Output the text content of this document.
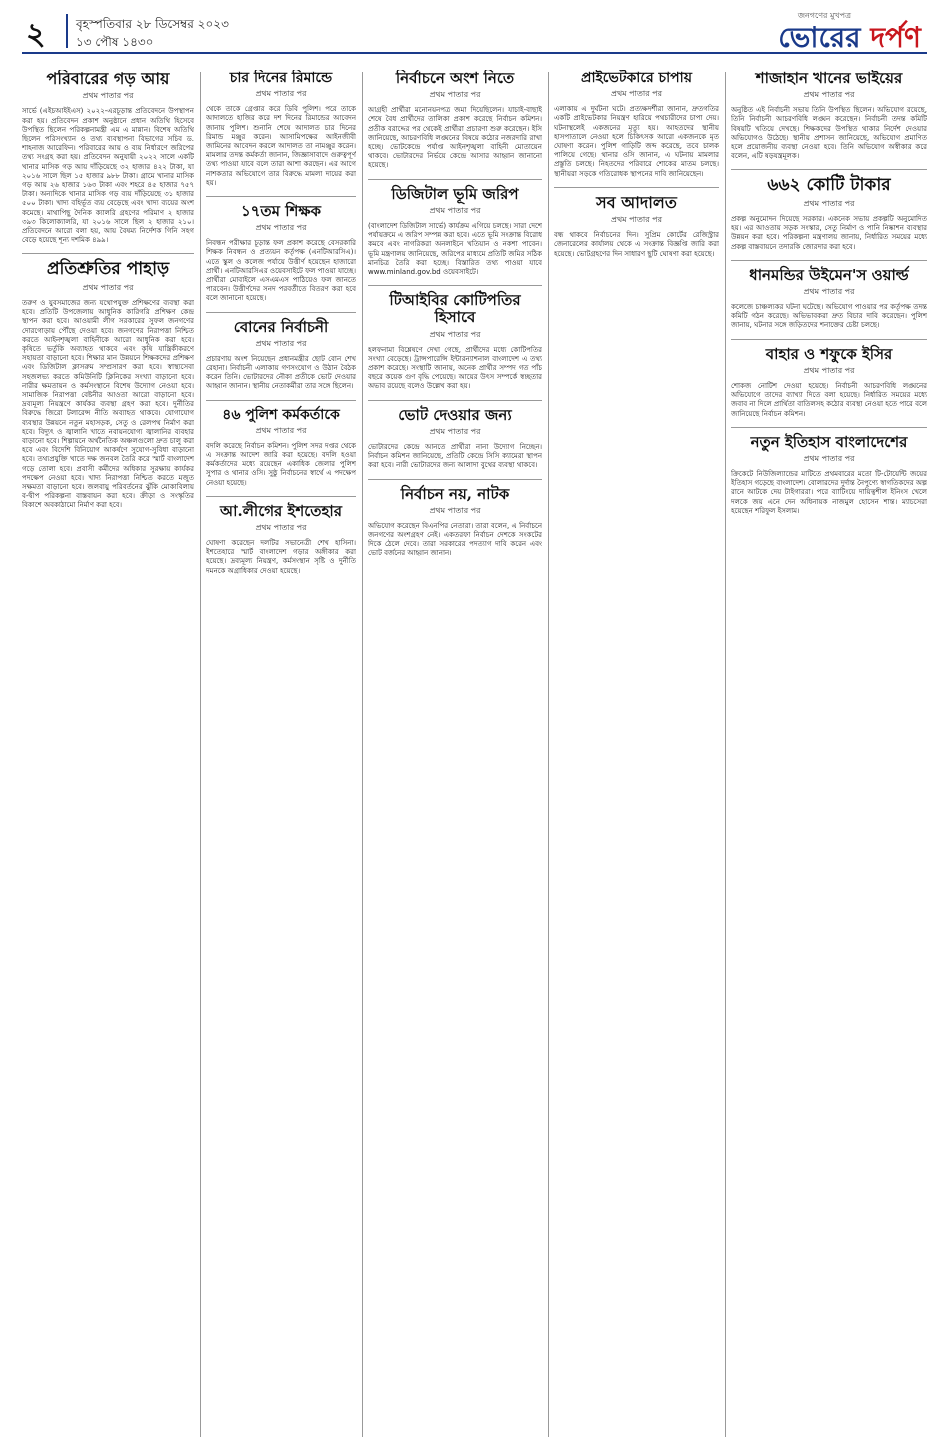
২	বৃহস্পতিবার ২৮ ডিসেম্বর ২০২৩
১৩ পৌষ ১৪৩০
জনগণের মুখপত্র
ভোরের দর্পণ
পরিবারের গড় আয়
প্রথম পাতার পর

সার্ভে (এইচআইইএস) ২০২২-এরচূড়ান্ত প্রতিবেদনে উপস্থাপন করা হয়। প্রতিবেদন প্রকাশ অনুষ্ঠানে প্রধান অতিথি হিসেবে উপস্থিত ছিলেন পরিকল্পনামন্ত্রী এম এ মান্নান। বিশেষ অতিথি ছিলেন পরিসংখ্যান ও তথ্য ব্যবস্থাপনা বিভাগের সচিব ড. শাহনাজ আরেফিন। পরিবারের আয় ও ব্যয় নির্ধারণে জরিপের তথ্য সংগ্রহ করা হয়। প্রতিবেদন অনুযায়ী ২০২২ সালে একটি খানার মাসিক গড় আয় দাঁড়িয়েছে ৩২ হাজার ৪২২ টাকা, যা ২০১৬ সালে ছিল ১৫ হাজার ৯৮৮ টাকা। গ্রামে খানার মাসিক গড় আয় ২৬ হাজার ১৬৩ টাকা এবং শহরে ৪৫ হাজার ৭৫৭ টাকা। অন্যদিকে খানার মাসিক গড় ব্যয় দাঁড়িয়েছে ৩১ হাজার ৫০০ টাকা। খাদ্য বহির্ভূত ব্যয় বেড়েছে এবং খাদ্য ব্যয়ের অংশ কমেছে। মাথাপিছু দৈনিক ক্যালরি গ্রহণের পরিমাণ ২ হাজার ৩৯৩ কিলোক্যালরি, যা ২০১৬ সালে ছিল ২ হাজার ২১০। প্রতিবেদনে আরো বলা হয়, আয় বৈষম্য নির্দেশক গিনি সহগ বেড়ে হয়েছে শূন্য দশমিক ৪৯৯।

প্রতিশ্রুতির পাহাড়
প্রথম পাতার পর

তরুণ ও যুবসমাজের জন্য যথোপযুক্ত প্রশিক্ষণের ব্যবস্থা করা হবে। প্রতিটি উপজেলায় আধুনিক কারিগরি প্রশিক্ষণ কেন্দ্র স্থাপন করা হবে। আওয়ামী লীগ সরকারের সুফল জনগণের দোরগোড়ায় পৌঁছে দেওয়া হবে। জনগণের নিরাপত্তা নিশ্চিত করতে আইনশৃঙ্খলা বাহিনীকে আরো আধুনিক করা হবে। কৃষিতে ভর্তুকি অব্যাহত থাকবে এবং কৃষি যান্ত্রিকীকরণে সহায়তা বাড়ানো হবে। শিক্ষার মান উন্নয়নে শিক্ষকদের প্রশিক্ষণ এবং ডিজিটাল ক্লাসরুম সম্প্রসারণ করা হবে। স্বাস্থ্যসেবা সহজলভ্য করতে কমিউনিটি ক্লিনিকের সংখ্যা বাড়ানো হবে। নারীর ক্ষমতায়ন ও কর্মসংস্থানে বিশেষ উদ্যোগ নেওয়া হবে। সামাজিক নিরাপত্তা বেষ্টনীর আওতা আরো বাড়ানো হবে। দ্রব্যমূল্য নিয়ন্ত্রণে কার্যকর ব্যবস্থা গ্রহণ করা হবে। দুর্নীতির বিরুদ্ধে জিরো টলারেন্স নীতি অব্যাহত থাকবে। যোগাযোগ ব্যবস্থার উন্নয়নে নতুন মহাসড়ক, সেতু ও রেলপথ নির্মাণ করা হবে। বিদ্যুৎ ও জ্বালানি খাতে নবায়নযোগ্য জ্বালানির ব্যবহার বাড়ানো হবে। শিল্পায়নে অর্থনৈতিক অঞ্চলগুলো দ্রুত চালু করা হবে এবং বিদেশি বিনিয়োগ আকর্ষণে সুযোগ-সুবিধা বাড়ানো হবে। তথ্যপ্রযুক্তি খাতে দক্ষ জনবল তৈরি করে স্মার্ট বাংলাদেশ গড়ে তোলা হবে। প্রবাসী কর্মীদের অধিকার সুরক্ষায় কার্যকর পদক্ষেপ নেওয়া হবে। খাদ্য নিরাপত্তা নিশ্চিত করতে মজুত সক্ষমতা বাড়ানো হবে। জলবায়ু পরিবর্তনের ঝুঁকি মোকাবিলায় ব-দ্বীপ পরিকল্পনা বাস্তবায়ন করা হবে। ক্রীড়া ও সংস্কৃতির বিকাশে অবকাঠামো নির্মাণ করা হবে।

চার দিনের রিমান্ডে
প্রথম পাতার পর

থেকে তাকে গ্রেপ্তার করে ডিবি পুলিশ। পরে তাকে আদালতে হাজির করে দশ দিনের রিমান্ডের আবেদন জানায় পুলিশ। শুনানি শেষে আদালত চার দিনের রিমান্ড মঞ্জুর করেন। আসামিপক্ষের আইনজীবী জামিনের আবেদন করলে আদালত তা নামঞ্জুর করেন। মামলার তদন্ত কর্মকর্তা জানান, জিজ্ঞাসাবাদে গুরুত্বপূর্ণ তথ্য পাওয়া যাবে বলে তারা আশা করছেন। এর আগে নাশকতার অভিযোগে তার বিরুদ্ধে মামলা দায়ের করা হয়।

১৭তম শিক্ষক
প্রথম পাতার পর

নিবন্ধন পরীক্ষার চূড়ান্ত ফল প্রকাশ করেছে বেসরকারি শিক্ষক নিবন্ধন ও প্রত্যয়ন কর্তৃপক্ষ (এনটিআরসিএ)। এতে স্কুল ও কলেজ পর্যায়ে উত্তীর্ণ হয়েছেন হাজারো প্রার্থী। এনটিআরসিএর ওয়েবসাইটে ফল পাওয়া যাচ্ছে। প্রার্থীরা মোবাইলে এসএমএস পাঠিয়েও ফল জানতে পারবেন। উত্তীর্ণদের সনদ পরবর্তীতে বিতরণ করা হবে বলে জানানো হয়েছে।

বোনের নির্বাচনী
প্রথম পাতার পর

প্রচারণায় অংশ নিয়েছেন প্রধানমন্ত্রীর ছোট বোন শেখ রেহানা। নির্বাচনী এলাকায় গণসংযোগ ও উঠান বৈঠক করেন তিনি। ভোটারদের নৌকা প্রতীকে ভোট দেওয়ার আহ্বান জানান। স্থানীয় নেতাকর্মীরা তার সঙ্গে ছিলেন।

৪৬ পুলিশ কর্মকর্তাকে
প্রথম পাতার পর

বদলি করেছে নির্বাচন কমিশন। পুলিশ সদর দপ্তর থেকে এ সংক্রান্ত আদেশ জারি করা হয়েছে। বদলি হওয়া কর্মকর্তাদের মধ্যে রয়েছেন একাধিক জেলার পুলিশ সুপার ও থানার ওসি। সুষ্ঠু নির্বাচনের স্বার্থে এ পদক্ষেপ নেওয়া হয়েছে।

আ.লীগের ইশতেহার
প্রথম পাতার পর

ঘোষণা করেছেন দলটির সভানেত্রী শেখ হাসিনা। ইশতেহারে স্মার্ট বাংলাদেশ গড়ার অঙ্গীকার করা হয়েছে। দ্রব্যমূল্য নিয়ন্ত্রণ, কর্মসংস্থান সৃষ্টি ও দুর্নীতি দমনকে অগ্রাধিকার দেওয়া হয়েছে।

নির্বাচনে অংশ নিতে
প্রথম পাতার পর

আগ্রহী প্রার্থীরা মনোনয়নপত্র জমা দিয়েছিলেন। যাচাই-বাছাই শেষে বৈধ প্রার্থীদের তালিকা প্রকাশ করেছে নির্বাচন কমিশন। প্রতীক বরাদ্দের পর থেকেই প্রার্থীরা প্রচারণা শুরু করেছেন। ইসি জানিয়েছে, আচরণবিধি লঙ্ঘনের বিষয়ে কঠোর নজরদারি রাখা হচ্ছে। ভোটকেন্দ্রে পর্যাপ্ত আইনশৃঙ্খলা বাহিনী মোতায়েন থাকবে। ভোটারদের নির্ভয়ে কেন্দ্রে আসার আহ্বান জানানো হয়েছে।

ডিজিটাল ভূমি জরিপ
প্রথম পাতার পর

(বাংলাদেশ ডিজিটাল সার্ভে) কার্যক্রম এগিয়ে চলছে। সারা দেশে পর্যায়ক্রমে এ জরিপ সম্পন্ন করা হবে। এতে ভূমি সংক্রান্ত বিরোধ কমবে এবং নাগরিকরা অনলাইনে খতিয়ান ও নকশা পাবেন। ভূমি মন্ত্রণালয় জানিয়েছে, জরিপের মাধ্যমে প্রতিটি জমির সঠিক মানচিত্র তৈরি করা হচ্ছে। বিস্তারিত তথ্য পাওয়া যাবে www.minland.gov.bd ওয়েবসাইটে।

টিআইবির কোটিপতির হিসাবে
প্রথম পাতার পর

হলফনামা বিশ্লেষণে দেখা গেছে, প্রার্থীদের মধ্যে কোটিপতির সংখ্যা বেড়েছে। ট্রান্সপারেন্সি ইন্টারন্যাশনাল বাংলাদেশ এ তথ্য প্রকাশ করেছে। সংস্থাটি জানায়, অনেক প্রার্থীর সম্পদ গত পাঁচ বছরে কয়েক গুণ বৃদ্ধি পেয়েছে। আয়ের উৎস সম্পর্কে স্বচ্ছতার অভাব রয়েছে বলেও উল্লেখ করা হয়।

ভোট দেওয়ার জন্য
প্রথম পাতার পর

ভোটারদের কেন্দ্রে আনতে প্রার্থীরা নানা উদ্যোগ নিচ্ছেন। নির্বাচন কমিশন জানিয়েছে, প্রতিটি কেন্দ্রে সিসি ক্যামেরা স্থাপন করা হবে। নারী ভোটারদের জন্য আলাদা বুথের ব্যবস্থা থাকবে।

নির্বাচন নয়, নাটক
প্রথম পাতার পর

অভিযোগ করেছেন বিএনপির নেতারা। তারা বলেন, এ নির্বাচনে জনগণের অংশগ্রহণ নেই। একতরফা নির্বাচন দেশকে সংকটের দিকে ঠেলে দেবে। তারা সরকারের পদত্যাগ দাবি করেন এবং ভোট বর্জনের আহ্বান জানান।

প্রাইভেটকারে চাপায়
প্রথম পাতার পর

এলাকায় এ দুর্ঘটনা ঘটে। প্রত্যক্ষদর্শীরা জানান, দ্রুতগতির একটি প্রাইভেটকার নিয়ন্ত্রণ হারিয়ে পথচারীদের চাপা দেয়। ঘটনাস্থলেই একজনের মৃত্যু হয়। আহতদের স্থানীয় হাসপাতালে নেওয়া হলে চিকিৎসক আরো একজনকে মৃত ঘোষণা করেন। পুলিশ গাড়িটি জব্দ করেছে, তবে চালক পালিয়ে গেছে। থানার ওসি জানান, এ ঘটনায় মামলার প্রস্তুতি চলছে। নিহতদের পরিবারে শোকের মাতম চলছে। স্থানীয়রা সড়কে গতিরোধক স্থাপনের দাবি জানিয়েছেন।

সব আদালত
প্রথম পাতার পর

বন্ধ থাকবে নির্বাচনের দিন। সুপ্রিম কোর্টের রেজিস্ট্রার জেনারেলের কার্যালয় থেকে এ সংক্রান্ত বিজ্ঞপ্তি জারি করা হয়েছে। ভোটগ্রহণের দিন সাধারণ ছুটি ঘোষণা করা হয়েছে।

শাজাহান খানের ভাইয়ের
প্রথম পাতার পর

অনুষ্ঠিত এই নির্বাচনী সভায় তিনি উপস্থিত ছিলেন। অভিযোগ রয়েছে, তিনি নির্বাচনী আচরণবিধি লঙ্ঘন করেছেন। নির্বাচনী তদন্ত কমিটি বিষয়টি খতিয়ে দেখছে। শিক্ষকদের উপস্থিত থাকার নির্দেশ দেওয়ার অভিযোগও উঠেছে। স্থানীয় প্রশাসন জানিয়েছে, অভিযোগ প্রমাণিত হলে প্রয়োজনীয় ব্যবস্থা নেওয়া হবে। তিনি অভিযোগ অস্বীকার করে বলেন, এটি ষড়যন্ত্রমূলক।

৬৬২ কোটি টাকার
প্রথম পাতার পর

প্রকল্প অনুমোদন দিয়েছে সরকার। একনেক সভায় প্রকল্পটি অনুমোদিত হয়। এর আওতায় সড়ক সংস্কার, সেতু নির্মাণ ও পানি নিষ্কাশন ব্যবস্থার উন্নয়ন করা হবে। পরিকল্পনা মন্ত্রণালয় জানায়, নির্ধারিত সময়ের মধ্যে প্রকল্প বাস্তবায়নে তদারকি জোরদার করা হবে।

ধানমন্ডির উইমেন'স ওয়ার্ল্ড
প্রথম পাতার পর

কলেজে চাঞ্চল্যকর ঘটনা ঘটেছে। অভিযোগ পাওয়ার পর কর্তৃপক্ষ তদন্ত কমিটি গঠন করেছে। অভিভাবকরা দ্রুত বিচার দাবি করেছেন। পুলিশ জানায়, ঘটনার সঙ্গে জড়িতদের শনাক্তের চেষ্টা চলছে।

বাহার ও শফুকে ইসির
প্রথম পাতার পর

শোকজ নোটিশ দেওয়া হয়েছে। নির্বাচনী আচরণবিধি লঙ্ঘনের অভিযোগে তাদের ব্যাখ্যা দিতে বলা হয়েছে। নির্ধারিত সময়ের মধ্যে জবাব না দিলে প্রার্থিতা বাতিলসহ কঠোর ব্যবস্থা নেওয়া হতে পারে বলে জানিয়েছে নির্বাচন কমিশন।

নতুন ইতিহাস বাংলাদেশের
প্রথম পাতার পর

ক্রিকেটে নিউজিল্যান্ডের মাটিতে প্রথমবারের মতো টি-টোয়েন্টি জয়ের ইতিহাস গড়েছে বাংলাদেশ। বোলারদের দুর্দান্ত নৈপুণ্যে স্বাগতিকদের অল্প রানে আটকে দেয় টাইগাররা। পরে ব্যাটিংয়ে দায়িত্বশীল ইনিংস খেলে দলকে জয় এনে দেন অধিনায়ক নাজমুল হোসেন শান্ত। ম্যাচসেরা হয়েছেন শরিফুল ইসলাম।
